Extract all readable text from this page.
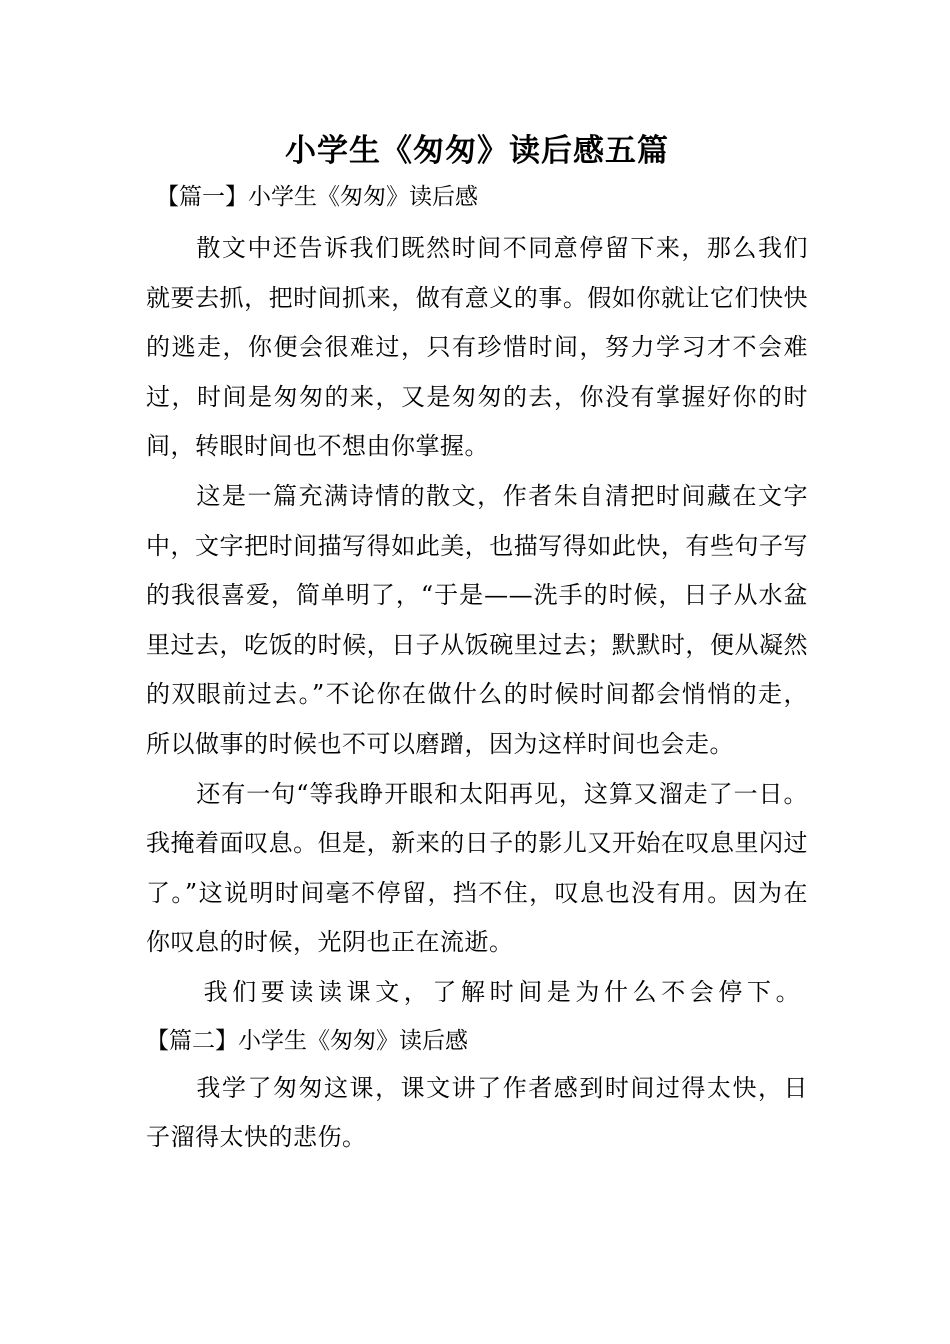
小学生《匆匆》读后感五篇
【篇一】小学生《匆匆》读后感

散文中还告诉我们既然时间不同意停留下来，那么我们就要去抓，把时间抓来，做有意义的事。假如你就让它们快快的逃走，你便会很难过，只有珍惜时间，努力学习才不会难过，时间是匆匆的来，又是匆匆的去，你没有掌握好你的时间，转眼时间也不想由你掌握。

这是一篇充满诗情的散文，作者朱自清把时间藏在文字中，文字把时间描写得如此美，也描写得如此快，有些句子写的我很喜爱，简单明了，“于是——洗手的时候，日子从水盆里过去，吃饭的时候，日子从饭碗里过去；默默时，便从凝然的双眼前过去。”不论你在做什么的时候时间都会悄悄的走，所以做事的时候也不可以磨蹭，因为这样时间也会走。

还有一句“等我睁开眼和太阳再见，这算又溜走了一日。我掩着面叹息。但是，新来的日子的影儿又开始在叹息里闪过了。”这说明时间毫不停留，挡不住，叹息也没有用。因为在你叹息的时候，光阴也正在流逝。

我们要读读课文，了解时间是为什么不会停下。

【篇二】小学生《匆匆》读后感

我学了匆匆这课，课文讲了作者感到时间过得太快，日子溜得太快的悲伤。
